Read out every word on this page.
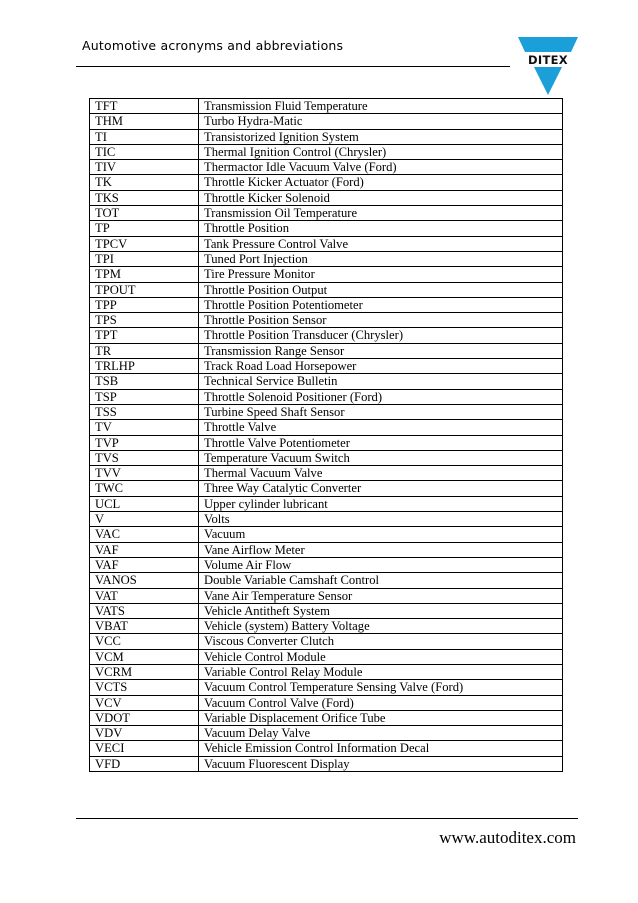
Automotive acronyms and abbreviations
DITEX
TFT	Transmission Fluid Temperature
THM	Turbo Hydra-Matic
TI	Transistorized Ignition System
TIC	Thermal Ignition Control (Chrysler)
TIV	Thermactor Idle Vacuum Valve (Ford)
TK	Throttle Kicker Actuator (Ford)
TKS	Throttle Kicker Solenoid
TOT	Transmission Oil Temperature
TP	Throttle Position
TPCV	Tank Pressure Control Valve
TPI	Tuned Port Injection
TPM	Tire Pressure Monitor
TPOUT	Throttle Position Output
TPP	Throttle Position Potentiometer
TPS	Throttle Position Sensor
TPT	Throttle Position Transducer (Chrysler)
TR	Transmission Range Sensor
TRLHP	Track Road Load Horsepower
TSB	Technical Service Bulletin
TSP	Throttle Solenoid Positioner (Ford)
TSS	Turbine Speed Shaft Sensor
TV	Throttle Valve
TVP	Throttle Valve Potentiometer
TVS	Temperature Vacuum Switch
TVV	Thermal Vacuum Valve
TWC	Three Way Catalytic Converter
UCL	Upper cylinder lubricant
V	Volts
VAC	Vacuum
VAF	Vane Airflow Meter
VAF	Volume Air Flow
VANOS	Double Variable Camshaft Control
VAT	Vane Air Temperature Sensor
VATS	Vehicle Antitheft System
VBAT	Vehicle (system) Battery Voltage
VCC	Viscous Converter Clutch
VCM	Vehicle Control Module
VCRM	Variable Control Relay Module
VCTS	Vacuum Control Temperature Sensing Valve (Ford)
VCV	Vacuum Control Valve (Ford)
VDOT	Variable Displacement Orifice Tube
VDV	Vacuum Delay Valve
VECI	Vehicle Emission Control Information Decal
VFD	Vacuum Fluorescent Display
www.autoditex.com
